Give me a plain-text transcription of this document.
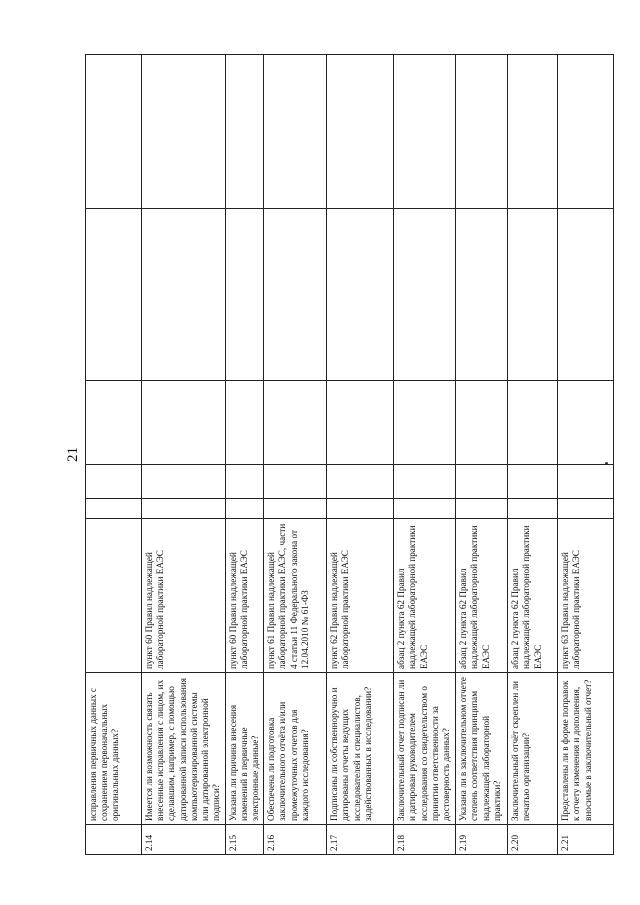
21
	исправления первичных данных с сохранением первоначальных оригинальных данных?						
2.14	Имеется ли возможность связать внесенные исправления с лицом, их сделавшим, например, с помощью датированной записи использования компьютеризированной системы или датированной электронной подписи?	пункт 60 Правил надлежащей лабораторной практики ЕАЭС					
2.15	Указана ли причина внесения изменений в первичные электронные данные?	пункт 60 Правил надлежащей лабораторной практики ЕАЭС					
2.16	Обеспечена ли подготовка заключительного отчёта и/или промежуточных отчетов для каждого исследования?	пункт 61 Правил надлежащей лабораторной практики ЕАЭС, части 4 статьи 11 Федерального закона от 12.04.2010 № 61-ФЗ					
2.17	Подписаны ли собственноручно и датированы отчеты ведущих исследователей и специалистов, задействованных в исследовании?	пункт 62 Правил надлежащей лабораторной практики ЕАЭС					
2.18	Заключительный отчет подписан ли и датирован руководителем исследования со свидетельством о принятии ответственности за достоверность данных?	абзац 2 пункта 62 Правил надлежащей лабораторной практики ЕАЭС					
2.19	Указана ли в заключительном отчете степень соответствия принципам надлежащей лабораторной практики?	абзац 2 пункта 62 Правил надлежащей лабораторной практики ЕАЭС					
2.20	Заключительный отчёт скреплен ли печатью организации?	абзац 2 пункта 62 Правил надлежащей лабораторной практики ЕАЭС					
2.21	Представлены ли в форме поправок к отчету изменения и дополнения, вносимые в заключительный отчет?	пункт 63 Правил надлежащей лабораторной практики ЕАЭС					
